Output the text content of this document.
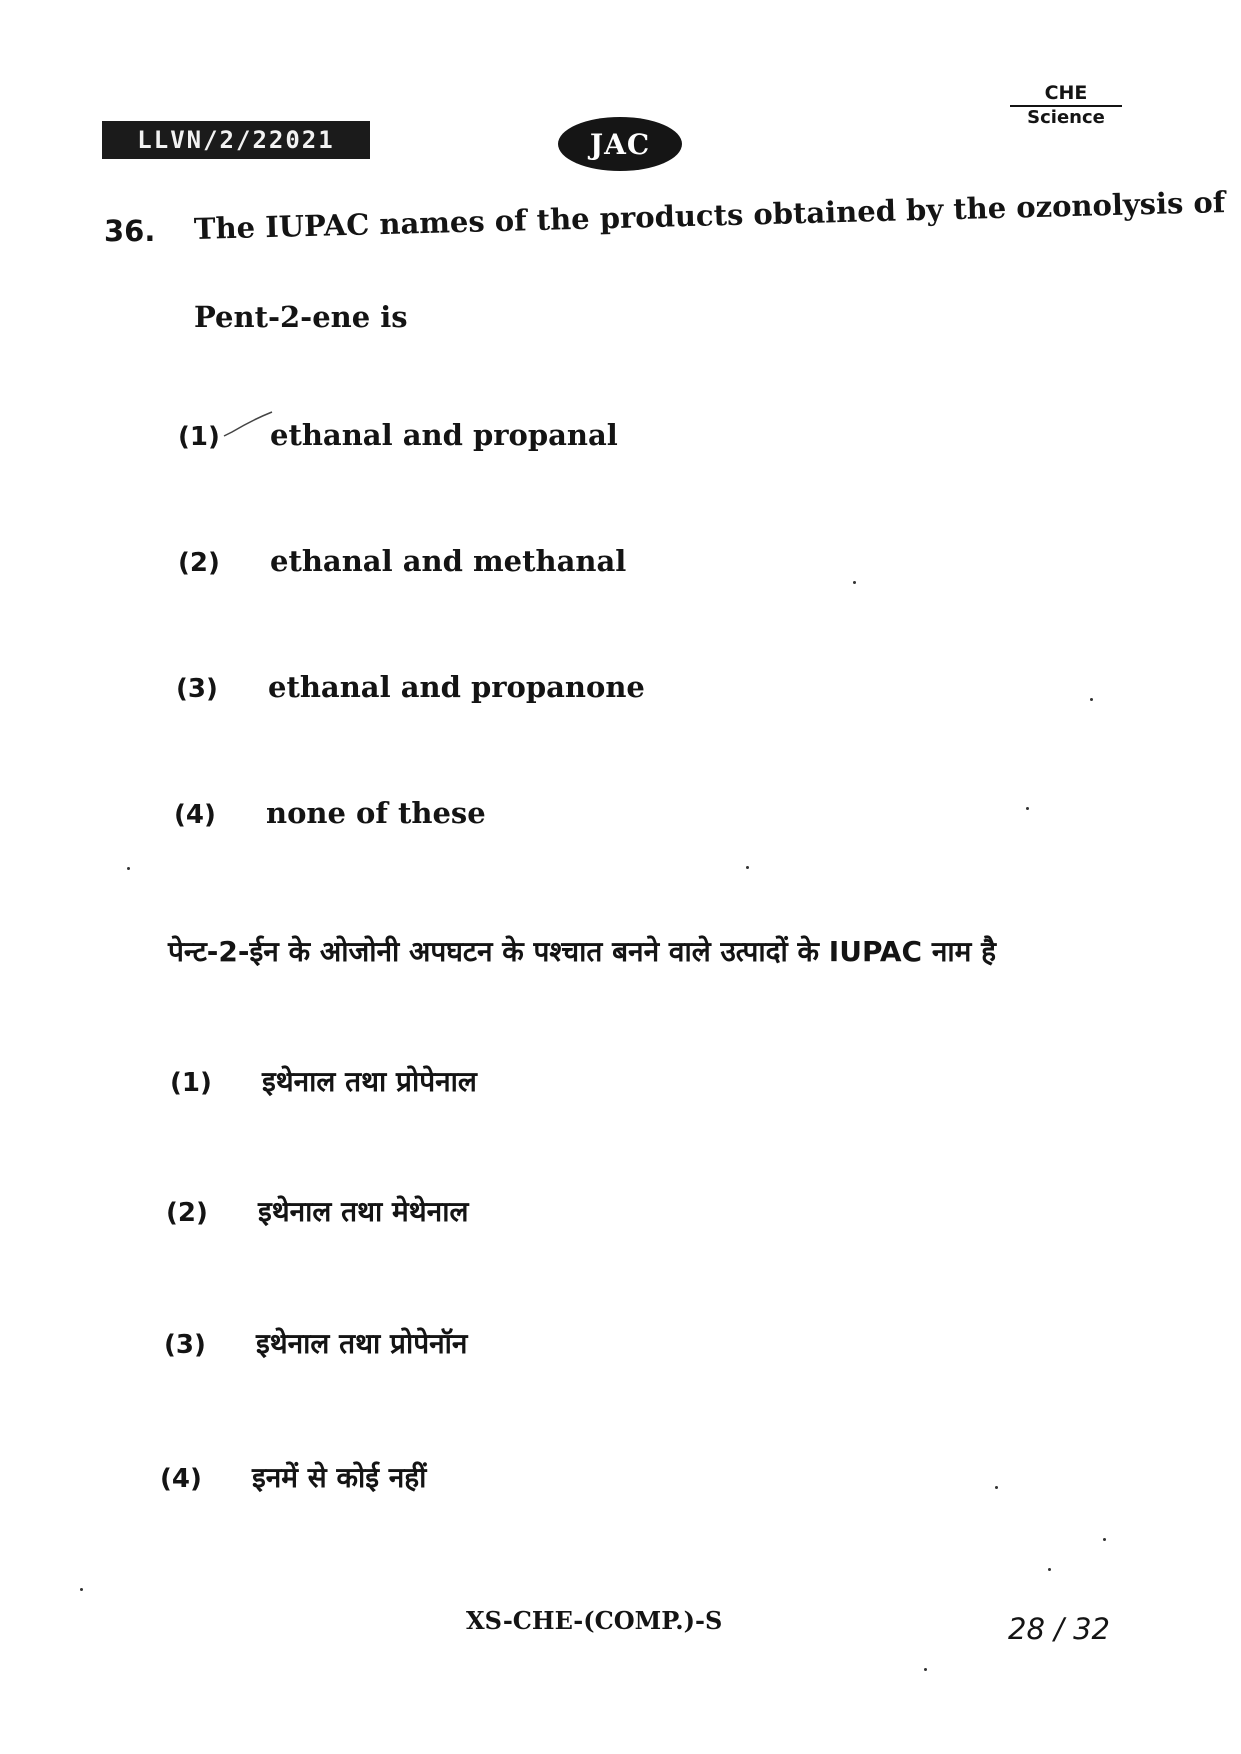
LLVN/2/22021	JAC
CHE
Science
36. The IUPAC names of the products obtained by the ozonolysis of
Pent-2-ene is
(1) ethanal and propanal
(2) ethanal and methanal
(3) ethanal and propanone
(4) none of these
पेन्ट-2-ईन के ओजोनी अपघटन के पश्चात बनने वाले उत्पादों के IUPAC नाम है
(1) इथेनाल तथा प्रोपेनाल
(2) इथेनाल तथा मेथेनाल
(3) इथेनाल तथा प्रोपेनॉन
(4) इनमें से कोई नहीं
XS-CHE-(COMP.)-S	28 / 32
